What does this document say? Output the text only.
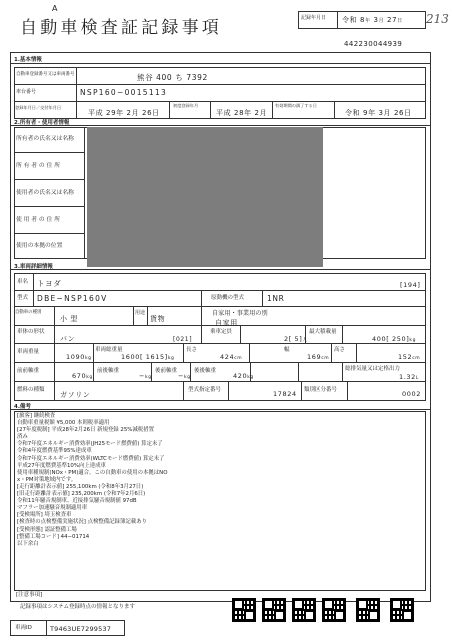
A
自動車検査証記録事項	記録年月日 令和 8年 3月 27日 213
442230044939
1.基本情報
自動車登録番号又は車両番号	熊谷 400 ち 7392
車台番号	NSP160−0015113
登録年月日／交付年月日
平成 29年 2月 26日
初度登録年月
平成 28年 2月
有効期間の満了する日
令和 9年 3月 26日
2.所有者・使用者情報
所有者の氏名又は名称
所 有 者 の 住 所
使用者の氏名又は名称
使 用 者 の 住 所
使用の本拠の位置
3.車両詳細情報
車名 トヨダ	[194]
型式 DBE−NSP160V	原動機の型式	1NR
自動車の種別
小 型
用途
貨物
自家用・事業用の別
自家用
車体の形状
バン	[021]
乗車定員
2[ 5]人
最大積載量
400[ 250]kg
車両重量
1090kg
車両総重量
1600[ 1615]kg
長さ
424cm
幅
169cm
高さ
152cm
前前軸重
670kg
前後軸重
−kg
後前軸重
−kg
後後軸重
420kg
総排気量又は定格出力
1.32L
燃料の種類
ガソリン
型式指定番号	17824 類別区分番号	0002
4.備考
[旅客] 継続検査
自動車重量税額 ¥5,000 本則税率適用
[27年度税制] 平成28年2月26日 新規登録 25%減税措置
済み
令和7年度エネルギー消費効率(JH25モード燃費値) 算定未了
令和4年度燃費基準95%達成車
令和7年度エネルギー消費効率(WLTCモード燃費値) 算定未了
平成27年度燃費基準10%向上達成車
使用車種規制(NOx・PM)適合。この自動車の使用の本拠はNO
x・PM対策地域内です。
[走行距離計表示値] 255,100km (令和8年3月27日)
[旧走行距離計表示値] 235,200km (令和7年2月6日)
令和11年騒音規制車、近接排気騒音規制値 97dB
マフラー加速騒音規制適用車
[受検場所] 埼玉検査車
[検査時の点検整備実施状況] 点検整備記録簿記載あり
[受検形態] 認証整備工場
[整備工場コード] 44−01714
以下余白
[注意事項]
記録事項はシステム登録時点の情報となります
車両ID	T9463UE7299537
